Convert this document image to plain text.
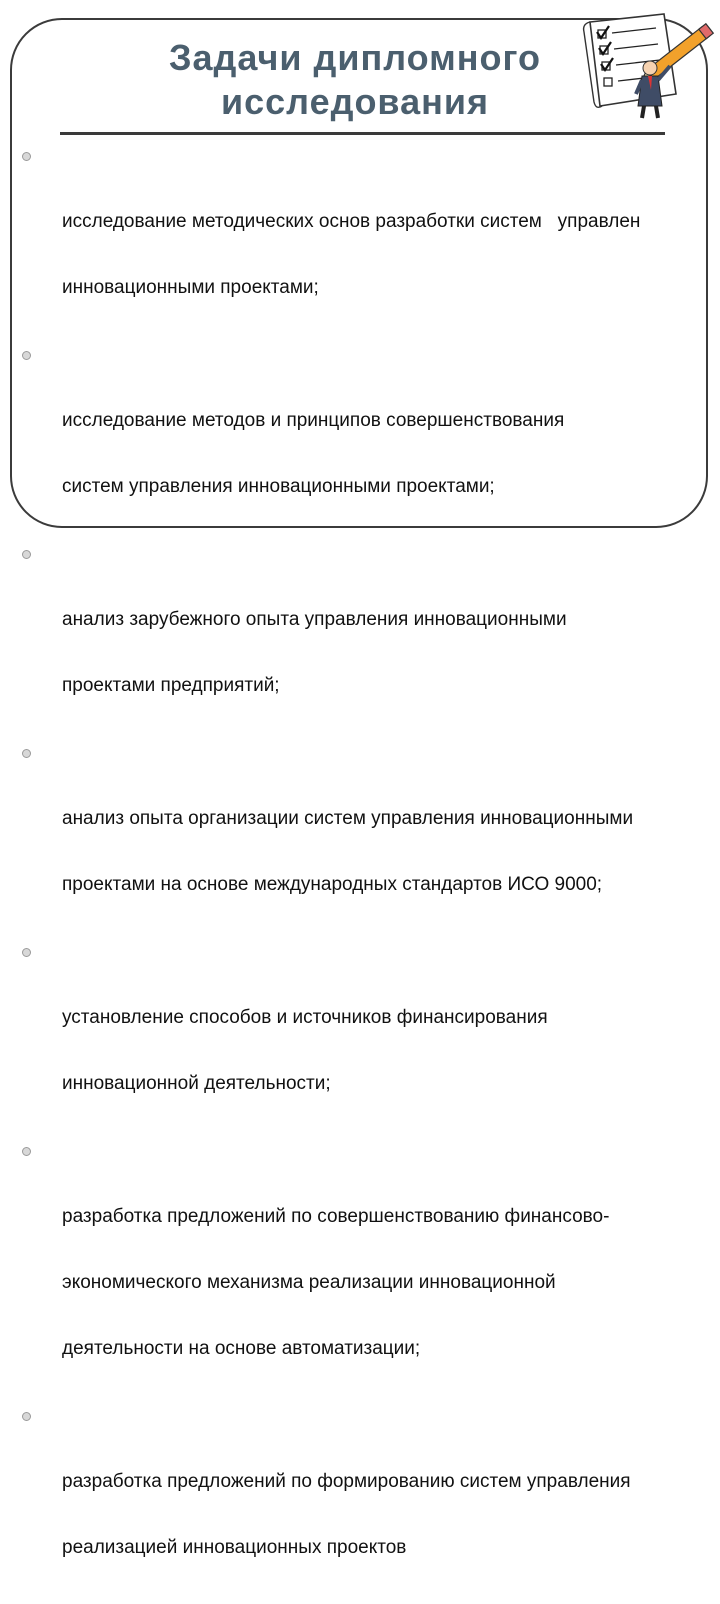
Задачи дипломного
исследования

исследование методических основ разработки систем   управлен

инновационными проектами;

исследование методов и принципов совершенствования

систем управления инновационными проектами;

анализ зарубежного опыта управления инновационными

проектами предприятий;

анализ опыта организации систем управления инновационными

проектами на основе международных стандартов ИСО 9000;

установление способов и источников финансирования

инновационной деятельности;

разработка предложений по совершенствованию финансово-

экономического механизма реализации инновационной

деятельности на основе автоматизации;

разработка предложений по формированию систем управления

реализацией инновационных проектов
